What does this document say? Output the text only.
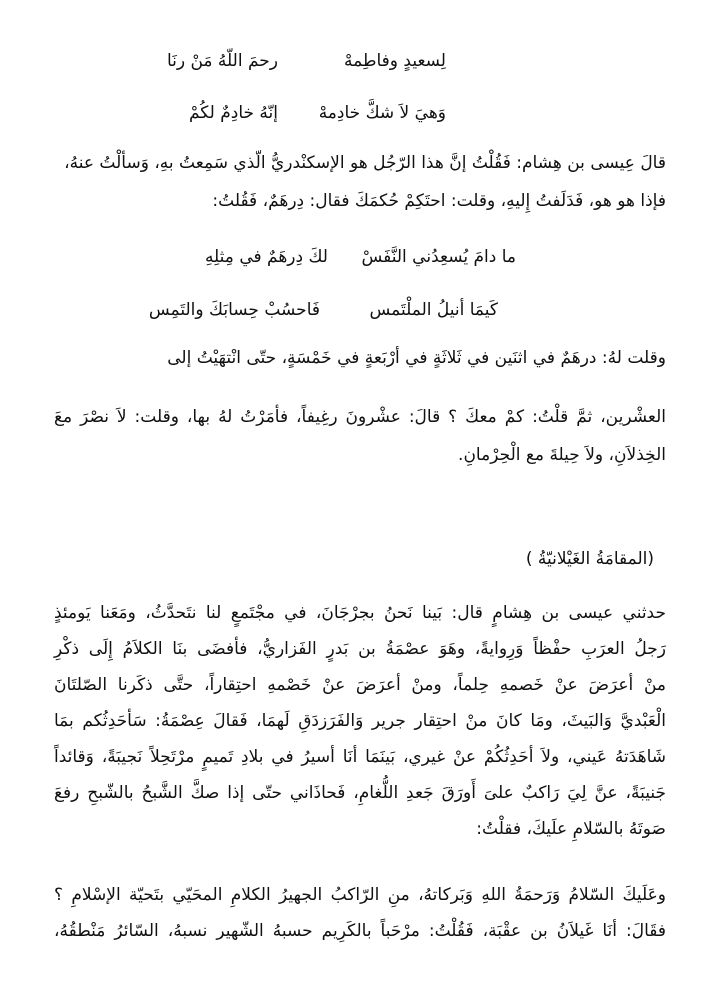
رحمَ اللّهُ مَنْ رنَا	لِسعيدٍ وفاطِمهْ
إنّهُ خادِمٌ لكُمْ وَهيَ لاَ شكَّ خادِمهْ
قالَ عِيسى بن هِشام: فَقُلْتُ إنَّ هذا الرّجُل هو الإسكنْدريُّ الّذي سَمِعتُ بهِ، وَسألْتُ عنهُ،
فإذا هو هو، فَدَلَفتُ إِليهِ، وقلت: احتَكِمْ حُكمَكَ فقال: دِرهَمٌ، فَقُلتُ:
لكَ دِرهَمٌ في مِثلِهِ ما دامَ يُسعِدُني النَّفَسْ
فَاحسُبْ حِسابَكَ والتَمِس	كَيمَا أنيلُ الملْتَمس
وقلت لهُ: درهَمٌ في اثنَين في ثَلاثَةٍ في أرْبَعةٍ في خَمْسَةٍ، حتّى انْتهَيْتُ إلى
العشْرين، ثمَّ قلْتُ: كمْ معكَ ؟ قالَ: عشْرونَ رغِيفاً، فأمَرْتُ لهُ بها، وقلت: لاَ نصْرَ معَ
الخِذلاَنِ، ولاَ حِيلةَ مع الْحِرْمانِ.
(المقامَةُ الغَيْلانيّةُ )
حدثني عيسى بن هِشامٍ قال: بَينا نَحنُ بجرْجَانَ، في مجْتَمعٍ لنا نتَحدَّثُ، ومَعَنا يَومئذٍ
رَجلُ العرَبِ حفْظاً وَرِوايةً، وهَوَ عصْمَةُ بن بَدرٍ الفَزاريُّ، فأفضَى بنَا الكلاَمُ إِلَى ذكْرِ
منْ أعرَضَ عنْ خَصمهِ حِلماً، ومنْ أعرَضَ عنْ خَصْمهِ احتِقاراً، حتَّى ذكَرنا الصّلتَانَ
الْعَبْديَّ وَالبَيثَ، ومَا كانَ منْ احتِقار جرير وَالفَرَزدَقِ لَهمَا، فَقالَ عِصْمَةُ: سَأحَدِثُكم بمَا
شَاهَدَتهُ عَيني، ولاَ أحَدِثُكُمْ عنْ غيري، بَينَمَا أنَا أسيرُ في بلادِ تَميمٍ مرْتَحِلاً نَجيبَةً، وَقائداً
جَنيبَةً، عنَّ لِيَ رَاكبٌ علىَ أَورَقَ جَعدِ اللُّغامِ، فَحاذَاني حتّى إذا صكَّ الشَّبحُ بالشّبحِ رفعَ
صَوتَهُ بالسّلامِ علَيكَ، فقلْتُ:
وعَلَيكَ السّلامُ وَرَحمَةُ اللهِ وَبَركاتهُ، منِ الرّاكبُ الجهيرُ الكلامِ المحَيّي بتَحيّة الإسْلامِ ؟
فقَالَ: أنَا غَيلاَنُ بن عقْبَة، فَقُلْتُ: مرْحَباً بالكَرِيم حسبهُ الشّهير نسبهُ، السّائرُ مَنْطقُهُ،
